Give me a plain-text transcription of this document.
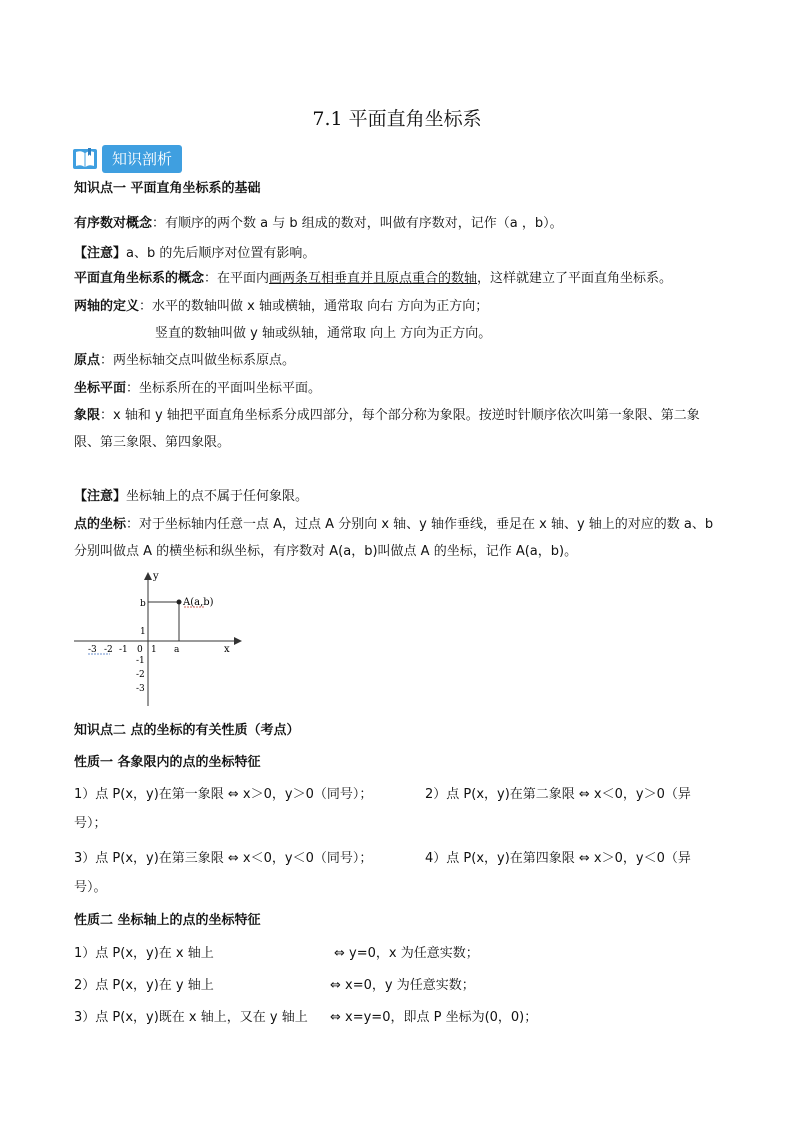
7.1 平面直角坐标系
知识剖析
知识点一 平面直角坐标系的基础
有序数对概念：有顺序的两个数 a 与 b 组成的数对，叫做有序数对，记作（a ，b）。
【注意】a、b 的先后顺序对位置有影响。
平面直角坐标系的概念：在平面内画两条互相垂直并且原点重合的数轴，这样就建立了平面直角坐标系。
两轴的定义：水平的数轴叫做 x 轴或横轴，通常取 向右 方向为正方向；
竖直的数轴叫做 y 轴或纵轴，通常取 向上 方向为正方向。
原点：两坐标轴交点叫做坐标系原点。
坐标平面：坐标系所在的平面叫坐标平面。
象限：x 轴和 y 轴把平面直角坐标系分成四部分，每个部分称为象限。按逆时针顺序依次叫第一象限、第二象
限、第三象限、第四象限。
【注意】坐标轴上的点不属于任何象限。
点的坐标：对于坐标轴内任意一点 A，过点 A 分别向 x 轴、y 轴作垂线，垂足在 x 轴、y 轴上的对应的数 a、b
分别叫做点 A 的横坐标和纵坐标，有序数对 A(a，b)叫做点 A 的坐标，记作 A(a，b)。
A(a,b)
x
y
b
a
0
-3 -2 -1	1
1
-1
-2
-3
知识点二 点的坐标的有关性质（考点）
性质一 各象限内的点的坐标特征
1）点 P(x，y)在第一象限 ⇔ x＞0，y＞0（同号）；	2）点 P(x，y)在第二象限 ⇔ x＜0，y＞0（异
号）；
3）点 P(x，y)在第三象限 ⇔ x＜0，y＜0（同号）；	4）点 P(x，y)在第四象限 ⇔ x＞0，y＜0（异
号）。
性质二 坐标轴上的点的坐标特征
1）点 P(x，y)在 x 轴上	⇔ y=0，x 为任意实数；
2）点 P(x，y)在 y 轴上	⇔ x=0，y 为任意实数；
3）点 P(x，y)既在 x 轴上，又在 y 轴上 ⇔ x=y=0，即点 P 坐标为(0，0)；
